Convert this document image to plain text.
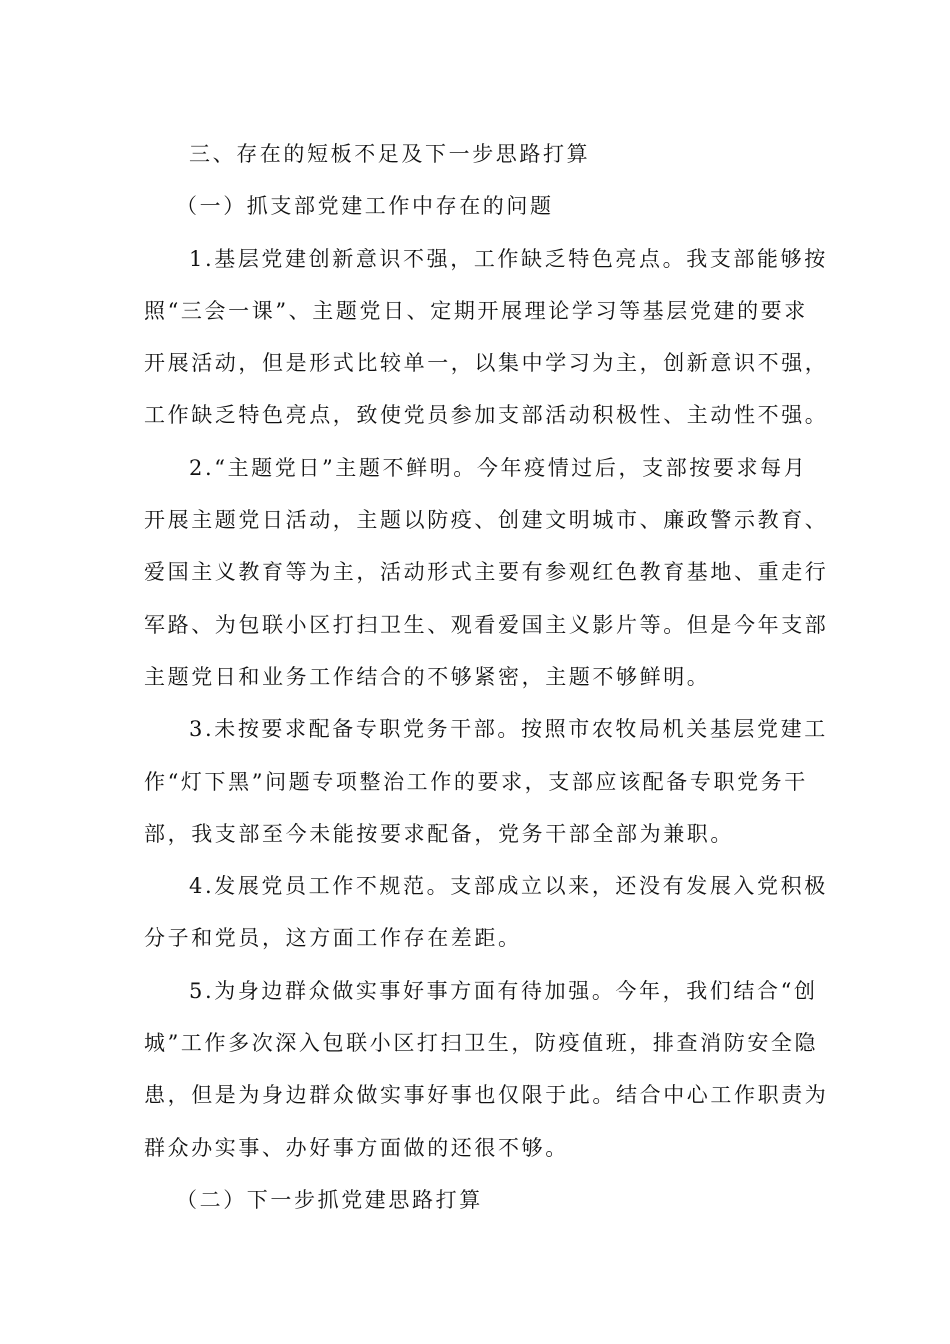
三、存在的短板不足及下一步思路打算
（一）抓支部党建工作中存在的问题
1.基层党建创新意识不强，工作缺乏特色亮点。我支部能够按
照“三会一课”、主题党日、定期开展理论学习等基层党建的要求
开展活动，但是形式比较单一，以集中学习为主，创新意识不强，
工作缺乏特色亮点，致使党员参加支部活动积极性、主动性不强。
2.“主题党日”主题不鲜明。今年疫情过后，支部按要求每月
开展主题党日活动，主题以防疫、创建文明城市、廉政警示教育、
爱国主义教育等为主，活动形式主要有参观红色教育基地、重走行
军路、为包联小区打扫卫生、观看爱国主义影片等。但是今年支部
主题党日和业务工作结合的不够紧密，主题不够鲜明。
3.未按要求配备专职党务干部。按照市农牧局机关基层党建工
作“灯下黑”问题专项整治工作的要求，支部应该配备专职党务干
部，我支部至今未能按要求配备，党务干部全部为兼职。
4.发展党员工作不规范。支部成立以来，还没有发展入党积极
分子和党员，这方面工作存在差距。
5.为身边群众做实事好事方面有待加强。今年，我们结合“创
城”工作多次深入包联小区打扫卫生，防疫值班，排查消防安全隐
患，但是为身边群众做实事好事也仅限于此。结合中心工作职责为
群众办实事、办好事方面做的还很不够。
（二）下一步抓党建思路打算
